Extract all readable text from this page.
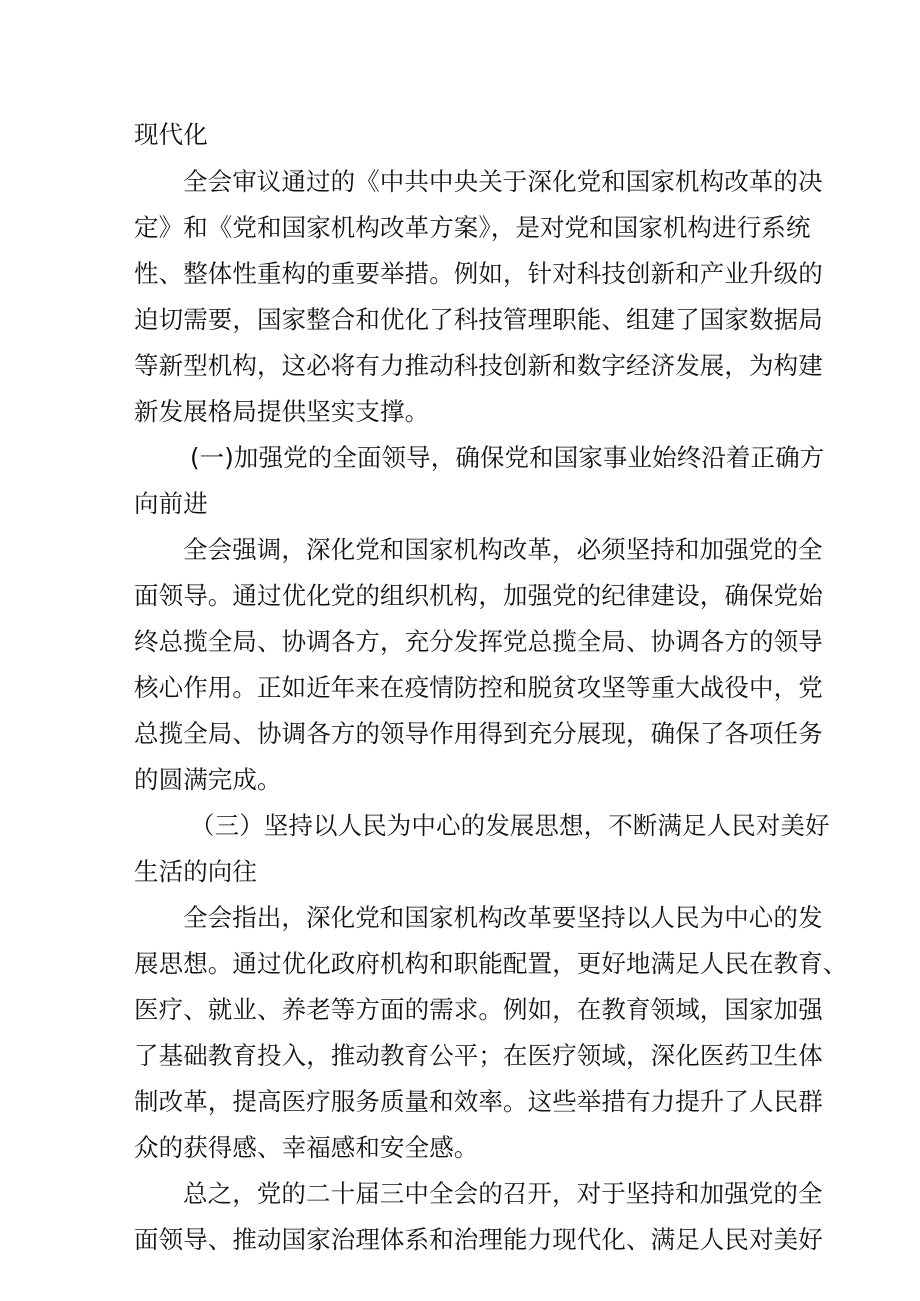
现代化
全会审议通过的《中共中央关于深化党和国家机构改革的决
定》和《党和国家机构改革方案》，是对党和国家机构进行系统
性、整体性重构的重要举措。例如，针对科技创新和产业升级的
迫切需要，国家整合和优化了科技管理职能、组建了国家数据局
等新型机构，这必将有力推动科技创新和数字经济发展，为构建
新发展格局提供坚实支撑。
(一)加强党的全面领导，确保党和国家事业始终沿着正确方
向前进
全会强调，深化党和国家机构改革，必须坚持和加强党的全
面领导。通过优化党的组织机构，加强党的纪律建设，确保党始
终总揽全局、协调各方，充分发挥党总揽全局、协调各方的领导
核心作用。正如近年来在疫情防控和脱贫攻坚等重大战役中，党
总揽全局、协调各方的领导作用得到充分展现，确保了各项任务
的圆满完成。
（三）坚持以人民为中心的发展思想，不断满足人民对美好
生活的向往
全会指出，深化党和国家机构改革要坚持以人民为中心的发
展思想。通过优化政府机构和职能配置，更好地满足人民在教育、
医疗、就业、养老等方面的需求。例如，在教育领域，国家加强
了基础教育投入，推动教育公平；在医疗领域，深化医药卫生体
制改革，提高医疗服务质量和效率。这些举措有力提升了人民群
众的获得感、幸福感和安全感。
总之，党的二十届三中全会的召开，对于坚持和加强党的全
面领导、推动国家治理体系和治理能力现代化、满足人民对美好
